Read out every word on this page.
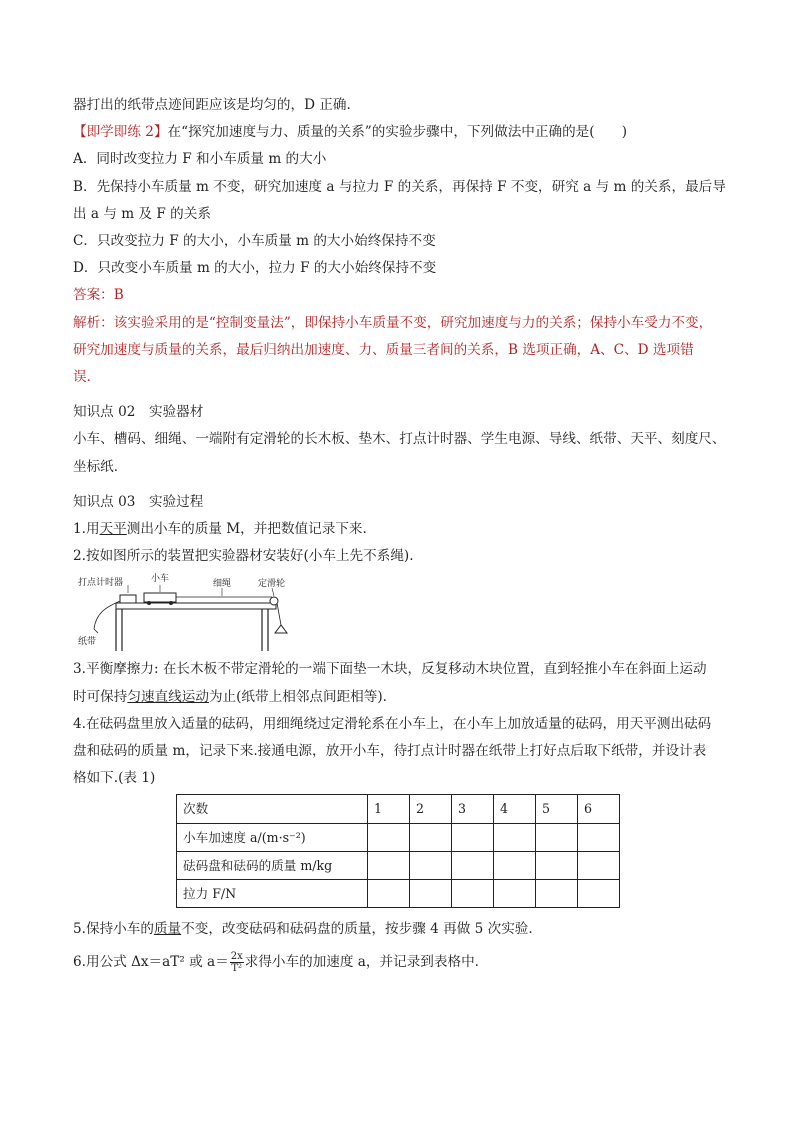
器打出的纸带点迹间距应该是均匀的，D 正确.
【即学即练 2】在“探究加速度与力、质量的关系”的实验步骤中，下列做法中正确的是(　　)
A．同时改变拉力 F 和小车质量 m 的大小
B．先保持小车质量 m 不变，研究加速度 a 与拉力 F 的关系，再保持 F 不变，研究 a 与 m 的关系，最后导
出 a 与 m 及 F 的关系
C．只改变拉力 F 的大小，小车质量 m 的大小始终保持不变
D．只改变小车质量 m 的大小，拉力 F 的大小始终保持不变
答案：B
解析：该实验采用的是“控制变量法”，即保持小车质量不变，研究加速度与力的关系；保持小车受力不变，
研究加速度与质量的关系，最后归纳出加速度、力、质量三者间的关系，B 选项正确，A、C、D 选项错
误．
知识点 02　实验器材
小车、槽码、细绳、一端附有定滑轮的长木板、垫木、打点计时器、学生电源、导线、纸带、天平、刻度尺、
坐标纸．
知识点 03　实验过程
1.用天平测出小车的质量 M，并把数值记录下来.
2.按如图所示的装置把实验器材安装好(小车上先不系绳).
打点计时器	小车	细绳	定滑轮
纸带
3.平衡摩擦力: 在长木板不带定滑轮的一端下面垫一木块，反复移动木块位置，直到轻推小车在斜面上运动
时可保持匀速直线运动为止(纸带上相邻点间距相等).
4.在砝码盘里放入适量的砝码，用细绳绕过定滑轮系在小车上，在小车上加放适量的砝码，用天平测出砝码
盘和砝码的质量 m，记录下来.接通电源，放开小车，待打点计时器在纸带上打好点后取下纸带，并设计表
格如下.(表 1)
次数	1	2	3	4	5	6
小车加速度 a/(m·s⁻²)						
砝码盘和砝码的质量 m/kg						
拉力 F/N						
5.保持小车的质量不变，改变砝码和砝码盘的质量，按步骤 4 再做 5 次实验.
6.用公式 Δx＝aT² 或 $a= \frac{2x}{\text{T²}}$ 求得小车的加速度 a，并记录到表格中.
